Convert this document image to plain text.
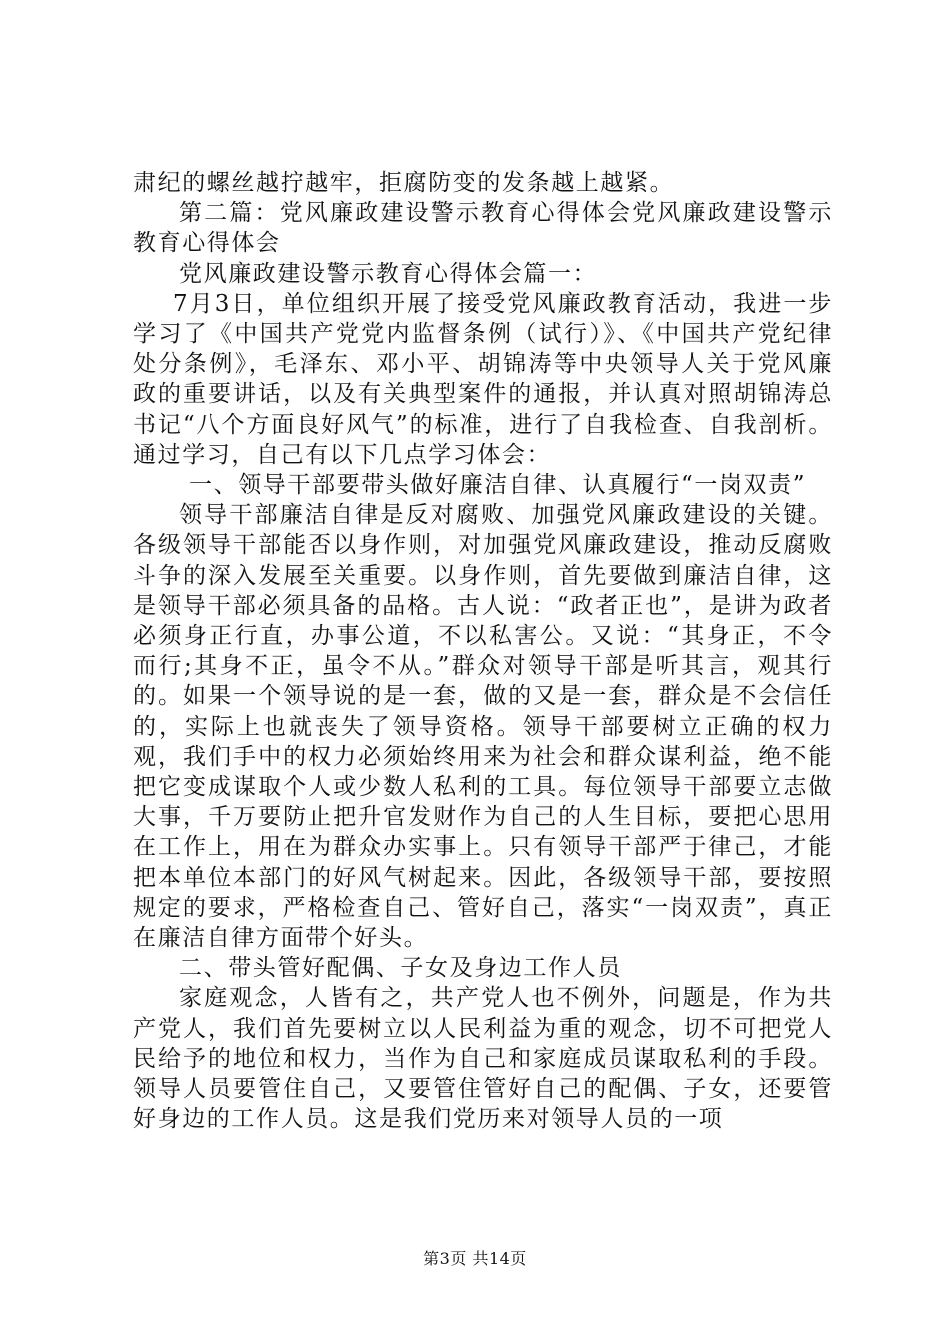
肃纪的螺丝越拧越牢，拒腐防变的发条越上越紧。

第二篇：党风廉政建设警示教育心得体会党风廉政建设警示教育心得体会

党风廉政建设警示教育心得体会篇一：

7月3日，单位组织开展了接受党风廉政教育活动，我进一步学习了《中国共产党党内监督条例（试行）》、《中国共产党纪律处分条例》，毛泽东、邓小平、胡锦涛等中央领导人关于党风廉政的重要讲话，以及有关典型案件的通报，并认真对照胡锦涛总书记“八个方面良好风气”的标准，进行了自我检查、自我剖析。通过学习，自己有以下几点学习体会：

一、领导干部要带头做好廉洁自律、认真履行“一岗双责”

领导干部廉洁自律是反对腐败、加强党风廉政建设的关键。各级领导干部能否以身作则，对加强党风廉政建设，推动反腐败斗争的深入发展至关重要。以身作则，首先要做到廉洁自律，这是领导干部必须具备的品格。古人说：“政者正也”，是讲为政者必须身正行直，办事公道，不以私害公。又说：“其身正，不令而行;其身不正，虽令不从。”群众对领导干部是听其言，观其行的。如果一个领导说的是一套，做的又是一套，群众是不会信任的，实际上也就丧失了领导资格。领导干部要树立正确的权力观，我们手中的权力必须始终用来为社会和群众谋利益，绝不能把它变成谋取个人或少数人私利的工具。每位领导干部要立志做大事，千万要防止把升官发财作为自己的人生目标，要把心思用在工作上，用在为群众办实事上。只有领导干部严于律己，才能把本单位本部门的好风气树起来。因此，各级领导干部，要按照规定的要求，严格检查自己、管好自己，落实“一岗双责”，真正在廉洁自律方面带个好头。

二、带头管好配偶、子女及身边工作人员

家庭观念，人皆有之，共产党人也不例外，问题是，作为共产党人，我们首先要树立以人民利益为重的观念，切不可把党人民给予的地位和权力，当作为自己和家庭成员谋取私利的手段。领导人员要管住自己，又要管住管好自己的配偶、子女，还要管好身边的工作人员。这是我们党历来对领导人员的一项

第3页 共14页
